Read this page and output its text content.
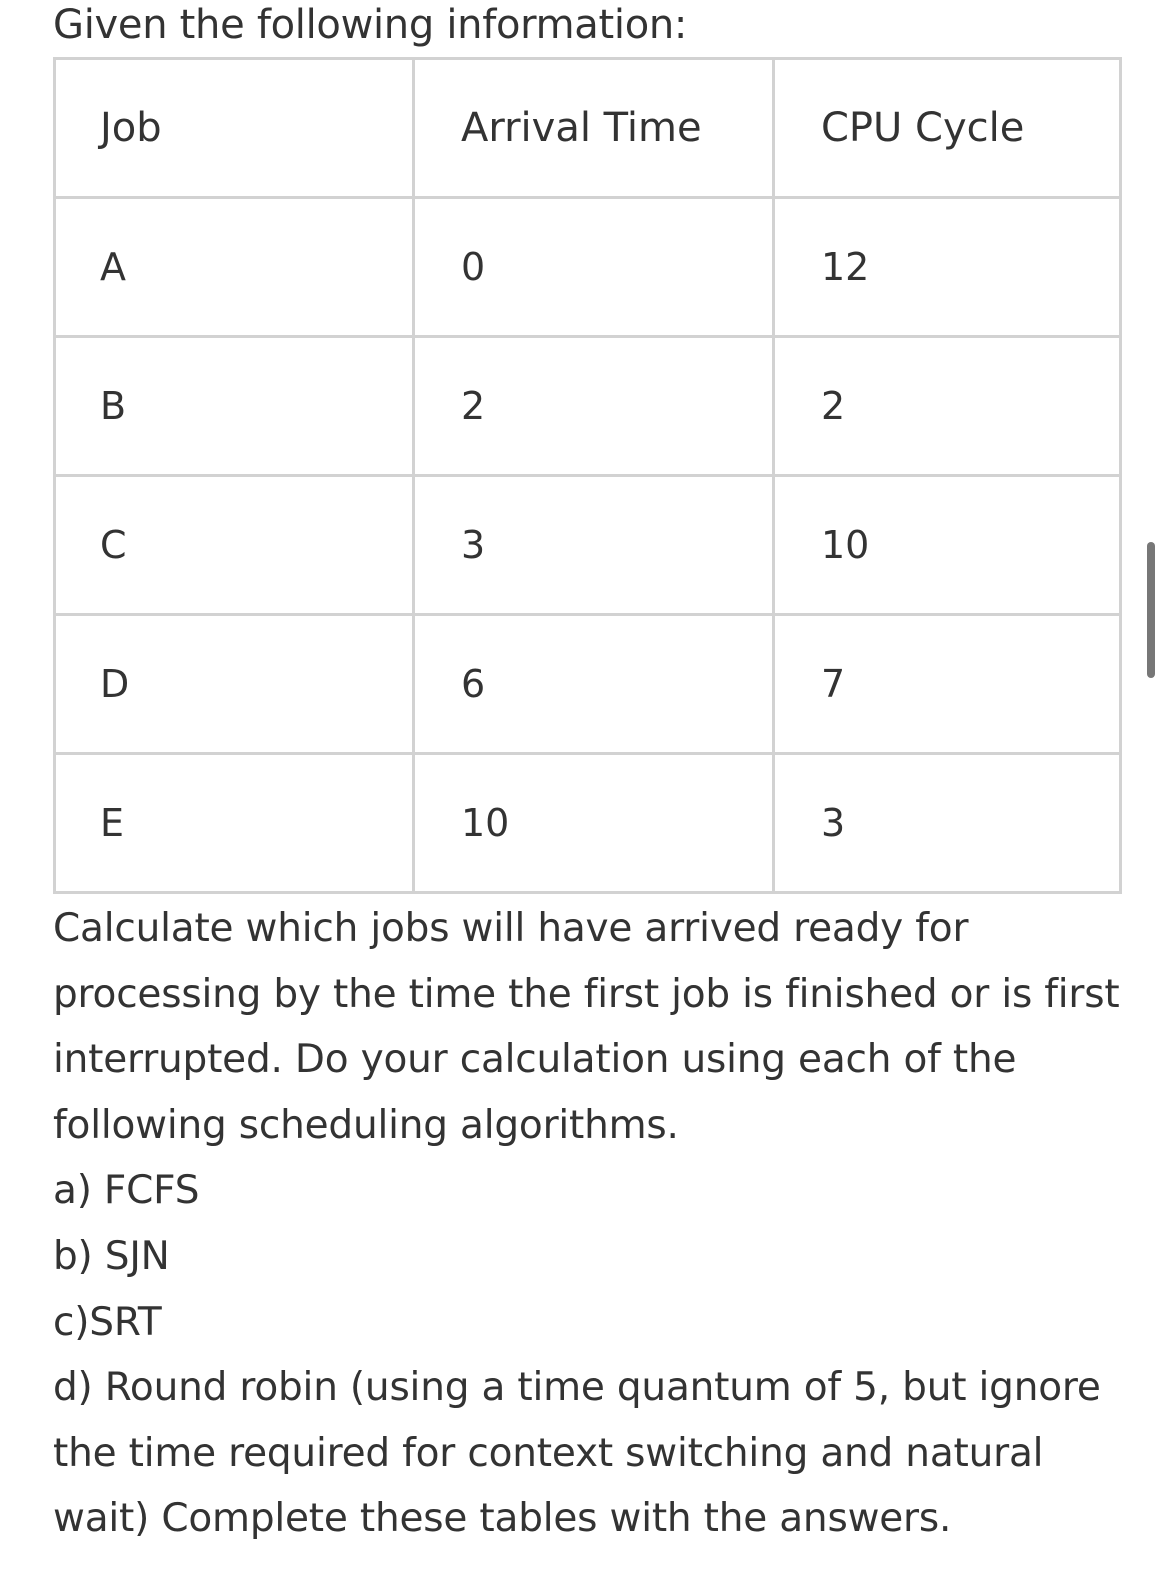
Given the following information:
Job	Arrival Time	CPU Cycle
A	0	12
B	2	2
C	3	10
D	6	7
E	10	3

Calculate which jobs will have arrived ready for processing by the time the first job is finished or is first interrupted. Do your calculation using each of the following scheduling algorithms.

a) FCFS

b) SJN

c)SRT

d) Round robin (using a time quantum of 5, but ignore the time required for context switching and natural wait) Complete these tables with the answers.
